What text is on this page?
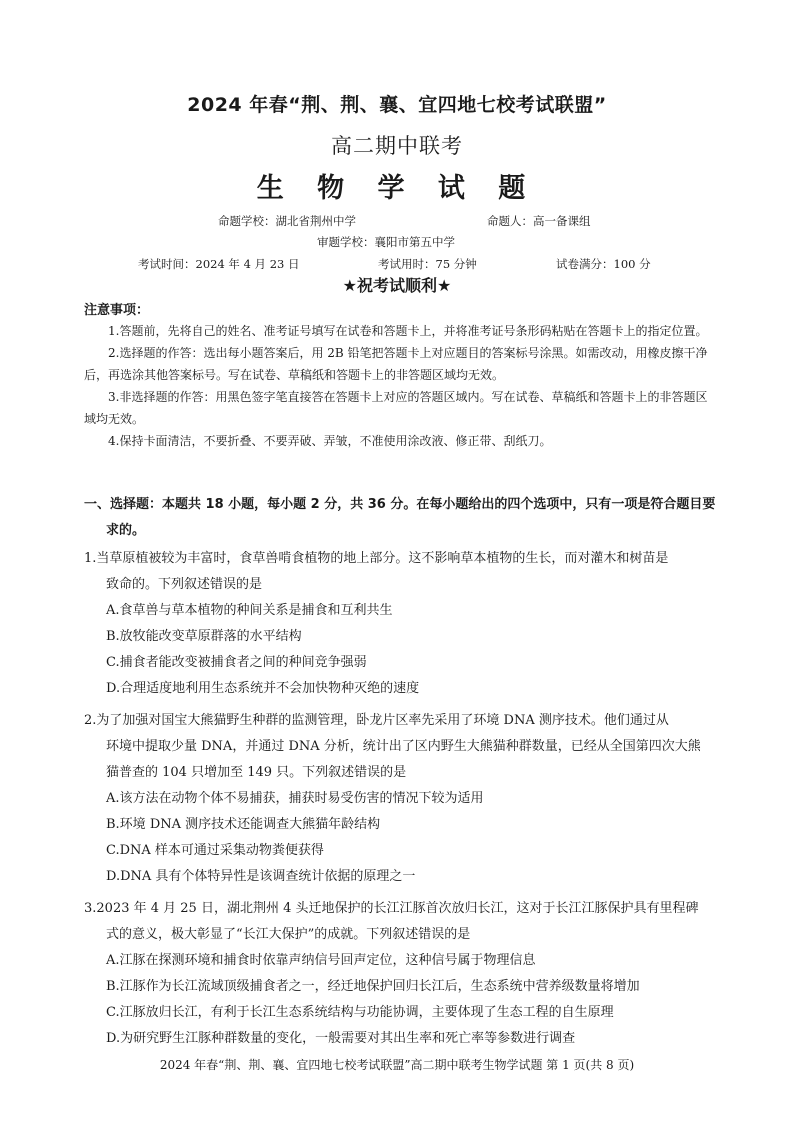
2024 年春“荆、荆、襄、宜四地七校考试联盟”
高二期中联考
生 物 学 试 题
命题学校：湖北省荆州中学	命题人：高一备课组
审题学校：襄阳市第五中学
考试时间：2024 年 4 月 23 日	考试用时：75 分钟	试卷满分：100 分
★祝考试顺利★
注意事项：

1.答题前，先将自己的姓名、准考证号填写在试卷和答题卡上，并将准考证号条形码粘贴在答题卡上的指定位置。

2.选择题的作答：选出每小题答案后，用 2B 铅笔把答题卡上对应题目的答案标号涂黑。如需改动，用橡皮擦干净后，再选涂其他答案标号。写在试卷、草稿纸和答题卡上的非答题区域均无效。

3.非选择题的作答：用黑色签字笔直接答在答题卡上对应的答题区域内。写在试卷、草稿纸和答题卡上的非答题区域均无效。

4.保持卡面清洁，不要折叠、不要弄破、弄皱，不准使用涂改液、修正带、刮纸刀。

一、选择题：本题共 18 小题，每小题 2 分，共 36 分。在每小题给出的四个选项中，只有一项是符合题目要
求的。
1.当草原植被较为丰富时，食草兽啃食植物的地上部分。这不影响草本植物的生长，而对灌木和树苗是
致命的。下列叙述错误的是
A.食草兽与草本植物的种间关系是捕食和互利共生
B.放牧能改变草原群落的水平结构
C.捕食者能改变被捕食者之间的种间竞争强弱
D.合理适度地利用生态系统并不会加快物种灭绝的速度
2.为了加强对国宝大熊猫野生种群的监测管理，卧龙片区率先采用了环境 DNA 测序技术。他们通过从
环境中提取少量 DNA，并通过 DNA 分析，统计出了区内野生大熊猫种群数量，已经从全国第四次大熊
猫普查的 104 只增加至 149 只。下列叙述错误的是
A.该方法在动物个体不易捕获，捕获时易受伤害的情况下较为适用
B.环境 DNA 测序技术还能调查大熊猫年龄结构
C.DNA 样本可通过采集动物粪便获得
D.DNA 具有个体特异性是该调查统计依据的原理之一
3.2023 年 4 月 25 日，湖北荆州 4 头迁地保护的长江江豚首次放归长江，这对于长江江豚保护具有里程碑
式的意义，极大彰显了“长江大保护”的成就。下列叙述错误的是
A.江豚在探测环境和捕食时依靠声纳信号回声定位，这种信号属于物理信息
B.江豚作为长江流域顶级捕食者之一，经迁地保护回归长江后，生态系统中营养级数量将增加
C.江豚放归长江，有利于长江生态系统结构与功能协调，主要体现了生态工程的自生原理
D.为研究野生江豚种群数量的变化，一般需要对其出生率和死亡率等参数进行调查
2024 年春“荆、荆、襄、宜四地七校考试联盟”高二期中联考生物学试题 第 1 页(共 8 页)
